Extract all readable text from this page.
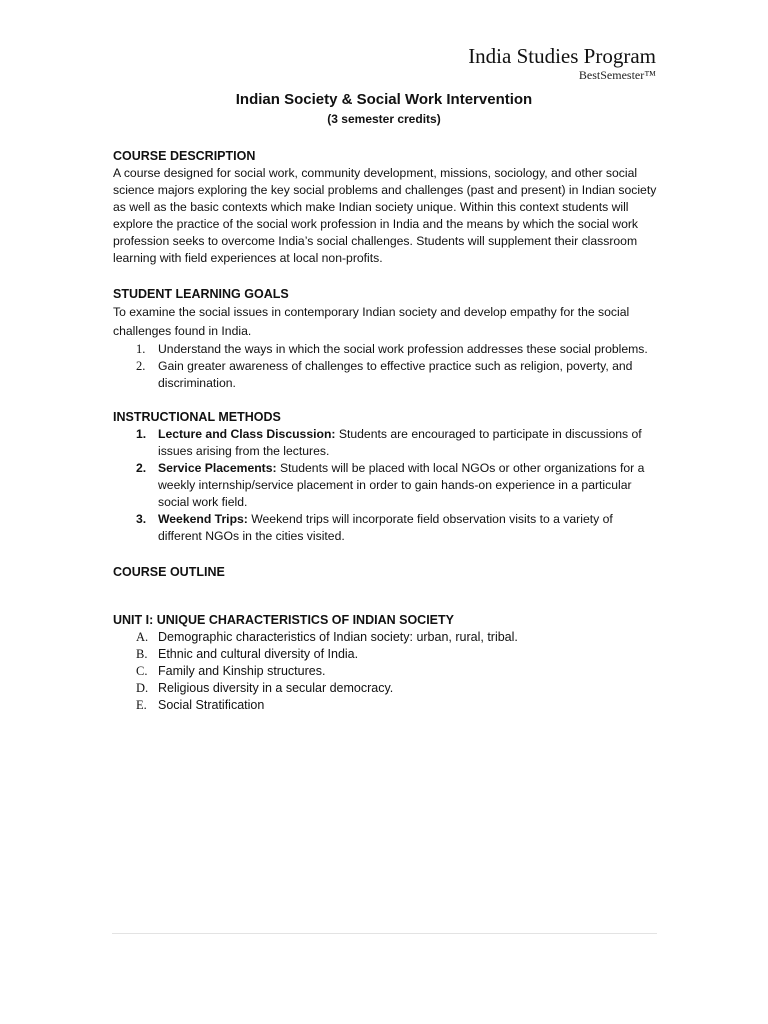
India Studies Program
BestSemester™
Indian Society & Social Work Intervention
(3 semester credits)
COURSE DESCRIPTION

A course designed for social work, community development, missions, sociology, and other social science majors exploring the key social problems and challenges (past and present) in Indian society as well as the basic contexts which make Indian society unique. Within this context students will explore the practice of the social work profession in India and the means by which the social work profession seeks to overcome India’s social challenges. Students will supplement their classroom learning with field experiences at local non-profits.

STUDENT LEARNING GOALS

To examine the social issues in contemporary Indian society and develop empathy for the social challenges found in India.

1. Understand the ways in which the social work profession addresses these social problems.
2. Gain greater awareness of challenges to effective practice such as religion, poverty, and discrimination.
INSTRUCTIONAL METHODS
1. Lecture and Class Discussion: Students are encouraged to participate in discussions of issues arising from the lectures.
2. Service Placements: Students will be placed with local NGOs or other organizations for a weekly internship/service placement in order to gain hands-on experience in a particular social work field.
3. Weekend Trips: Weekend trips will incorporate field observation visits to a variety of different NGOs in the cities visited.
COURSE OUTLINE
UNIT I: UNIQUE CHARACTERISTICS OF INDIAN SOCIETY
A. Demographic characteristics of Indian society: urban, rural, tribal.
B. Ethnic and cultural diversity of India.
C. Family and Kinship structures.
D. Religious diversity in a secular democracy.
E. Social Stratification
